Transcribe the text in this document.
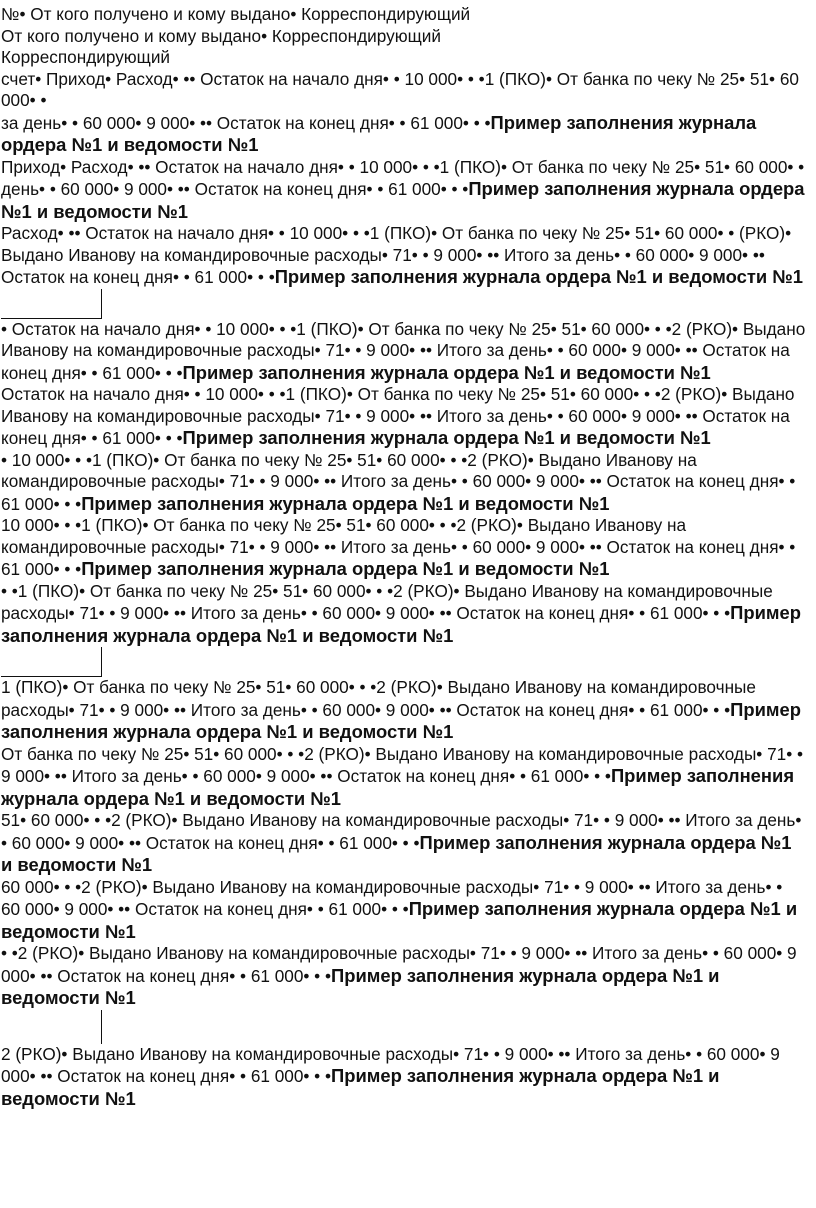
№• От кого получено и кому выдано• Корреспондирующий

От кого получено и кому выдано• Корреспондирующий

Корреспондирующий

счет• Приход• Расход• •• Остаток на начало дня• • 10 000• • •1 (ПКО)• От банка по чеку № 25• 51• 60 000• •

за день• • 60 000• 9 000• •• Остаток на конец дня• • 61 000• • •Пример заполнения журнала ордера №1 и ведомости №1

Приход• Расход• •• Остаток на начало дня• • 10 000• • •1 (ПКО)• От банка по чеку № 25• 51• 60 000• •

день• • 60 000• 9 000• •• Остаток на конец дня• • 61 000• • •Пример заполнения журнала ордера №1 и ведомости №1

Расход• •• Остаток на начало дня• • 10 000• • •1 (ПКО)• От банка по чеку № 25• 51• 60 000• • (РКО)• Выдано Иванову на командировочные расходы• 71• • 9 000• •• Итого за день• • 60 000• 9 000• •• Остаток на конец дня• • 61 000• • •Пример заполнения журнала ордера №1 и ведомости №1

• Остаток на начало дня• • 10 000• • •1 (ПКО)• От банка по чеку № 25• 51• 60 000• • •2 (РКО)• Выдано Иванову на командировочные расходы• 71• • 9 000• •• Итого за день• • 60 000• 9 000• •• Остаток на конец дня• • 61 000• • •Пример заполнения журнала ордера №1 и ведомости №1

Остаток на начало дня• • 10 000• • •1 (ПКО)• От банка по чеку № 25• 51• 60 000• • •2 (РКО)• Выдано Иванову на командировочные расходы• 71• • 9 000• •• Итого за день• • 60 000• 9 000• •• Остаток на конец дня• • 61 000• • •Пример заполнения журнала ордера №1 и ведомости №1

• 10 000• • •1 (ПКО)• От банка по чеку № 25• 51• 60 000• • •2 (РКО)• Выдано Иванову на командировочные расходы• 71• • 9 000• •• Итого за день• • 60 000• 9 000• •• Остаток на конец дня• • 61 000• • •Пример заполнения журнала ордера №1 и ведомости №1

10 000• • •1 (ПКО)• От банка по чеку № 25• 51• 60 000• • •2 (РКО)• Выдано Иванову на командировочные расходы• 71• • 9 000• •• Итого за день• • 60 000• 9 000• •• Остаток на конец дня• • 61 000• • •Пример заполнения журнала ордера №1 и ведомости №1

• •1 (ПКО)• От банка по чеку № 25• 51• 60 000• • •2 (РКО)• Выдано Иванову на командировочные расходы• 71• • 9 000• •• Итого за день• • 60 000• 9 000• •• Остаток на конец дня• • 61 000• • •Пример заполнения журнала ордера №1 и ведомости №1

1 (ПКО)• От банка по чеку № 25• 51• 60 000• • •2 (РКО)• Выдано Иванову на командировочные расходы• 71• • 9 000• •• Итого за день• • 60 000• 9 000• •• Остаток на конец дня• • 61 000• • •Пример заполнения журнала ордера №1 и ведомости №1

От банка по чеку № 25• 51• 60 000• • •2 (РКО)• Выдано Иванову на командировочные расходы• 71• • 9 000• •• Итого за день• • 60 000• 9 000• •• Остаток на конец дня• • 61 000• • •Пример заполнения журнала ордера №1 и ведомости №1

51• 60 000• • •2 (РКО)• Выдано Иванову на командировочные расходы• 71• • 9 000• •• Итого за день• • 60 000• 9 000• •• Остаток на конец дня• • 61 000• • •Пример заполнения журнала ордера №1 и ведомости №1

60 000• • •2 (РКО)• Выдано Иванову на командировочные расходы• 71• • 9 000• •• Итого за день• • 60 000• 9 000• •• Остаток на конец дня• • 61 000• • •Пример заполнения журнала ордера №1 и ведомости №1

• •2 (РКО)• Выдано Иванову на командировочные расходы• 71• • 9 000• •• Итого за день• • 60 000• 9 000• •• Остаток на конец дня• • 61 000• • •Пример заполнения журнала ордера №1 и ведомости №1

2 (РКО)• Выдано Иванову на командировочные расходы• 71• • 9 000• •• Итого за день• • 60 000• 9 000• •• Остаток на конец дня• • 61 000• • •Пример заполнения журнала ордера №1 и ведомости №1
